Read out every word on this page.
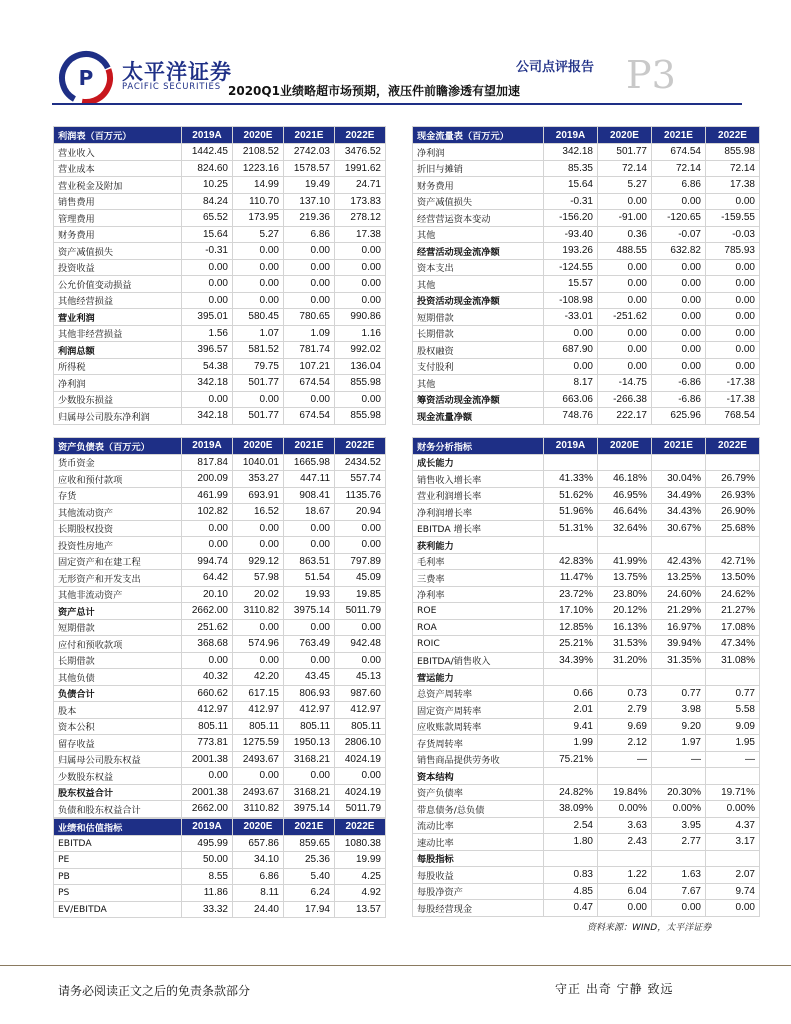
P 太平洋证券
PACIFIC SECURITIES
公司点评报告
2020Q1业绩略超市场预期，液压件前瞻渗透有望加速	P3
利润表（百万元）	2019A	2020E	2021E	2022E
营业收入	1442.45	2108.52	2742.03	3476.52
营业成本	824.60	1223.16	1578.57	1991.62
营业税金及附加	10.25	14.99	19.49	24.71
销售费用	84.24	110.70	137.10	173.83
管理费用	65.52	173.95	219.36	278.12
财务费用	15.64	5.27	6.86	17.38
资产减值损失	-0.31	0.00	0.00	0.00
投资收益	0.00	0.00	0.00	0.00
公允价值变动损益	0.00	0.00	0.00	0.00
其他经营损益	0.00	0.00	0.00	0.00
营业利润	395.01	580.45	780.65	990.86
其他非经营损益	1.56	1.07	1.09	1.16
利润总额	396.57	581.52	781.74	992.02
所得税	54.38	79.75	107.21	136.04
净利润	342.18	501.77	674.54	855.98
少数股东损益	0.00	0.00	0.00	0.00
归属母公司股东净利润	342.18	501.77	674.54	855.98
资产负债表（百万元）	2019A	2020E	2021E	2022E
货币资金	817.84	1040.01	1665.98	2434.52
应收和预付款项	200.09	353.27	447.11	557.74
存货	461.99	693.91	908.41	1135.76
其他流动资产	102.82	16.52	18.67	20.94
长期股权投资	0.00	0.00	0.00	0.00
投资性房地产	0.00	0.00	0.00	0.00
固定资产和在建工程	994.74	929.12	863.51	797.89
无形资产和开发支出	64.42	57.98	51.54	45.09
其他非流动资产	20.10	20.02	19.93	19.85
资产总计	2662.00	3110.82	3975.14	5011.79
短期借款	251.62	0.00	0.00	0.00
应付和预收款项	368.68	574.96	763.49	942.48
长期借款	0.00	0.00	0.00	0.00
其他负债	40.32	42.20	43.45	45.13
负债合计	660.62	617.15	806.93	987.60
股本	412.97	412.97	412.97	412.97
资本公积	805.11	805.11	805.11	805.11
留存收益	773.81	1275.59	1950.13	2806.10
归属母公司股东权益	2001.38	2493.67	3168.21	4024.19
少数股东权益	0.00	0.00	0.00	0.00
股东权益合计	2001.38	2493.67	3168.21	4024.19
负债和股东权益合计	2662.00	3110.82	3975.14	5011.79
业绩和估值指标	2019A	2020E	2021E	2022E
EBITDA	495.99	657.86	859.65	1080.38
PE	50.00	34.10	25.36	19.99
PB	8.55	6.86	5.40	4.25
PS	11.86	8.11	6.24	4.92
EV/EBITDA	33.32	24.40	17.94	13.57
现金流量表（百万元）	2019A	2020E	2021E	2022E
净利润	342.18	501.77	674.54	855.98
折旧与摊销	85.35	72.14	72.14	72.14
财务费用	15.64	5.27	6.86	17.38
资产减值损失	-0.31	0.00	0.00	0.00
经营营运资本变动	-156.20	-91.00	-120.65	-159.55
其他	-93.40	0.36	-0.07	-0.03
经营活动现金流净额	193.26	488.55	632.82	785.93
资本支出	-124.55	0.00	0.00	0.00
其他	15.57	0.00	0.00	0.00
投资活动现金流净额	-108.98	0.00	0.00	0.00
短期借款	-33.01	-251.62	0.00	0.00
长期借款	0.00	0.00	0.00	0.00
股权融资	687.90	0.00	0.00	0.00
支付股利	0.00	0.00	0.00	0.00
其他	8.17	-14.75	-6.86	-17.38
筹资活动现金流净额	663.06	-266.38	-6.86	-17.38
现金流量净额	748.76	222.17	625.96	768.54
财务分析指标	2019A	2020E	2021E	2022E
成长能力				
销售收入增长率	41.33%	46.18%	30.04%	26.79%
营业利润增长率	51.62%	46.95%	34.49%	26.93%
净利润增长率	51.96%	46.64%	34.43%	26.90%
EBITDA 增长率	51.31%	32.64%	30.67%	25.68%
获利能力				
毛利率	42.83%	41.99%	42.43%	42.71%
三费率	11.47%	13.75%	13.25%	13.50%
净利率	23.72%	23.80%	24.60%	24.62%
ROE	17.10%	20.12%	21.29%	21.27%
ROA	12.85%	16.13%	16.97%	17.08%
ROIC	25.21%	31.53%	39.94%	47.34%
EBITDA/销售收入	34.39%	31.20%	31.35%	31.08%
营运能力				
总资产周转率	0.66	0.73	0.77	0.77
固定资产周转率	2.01	2.79	3.98	5.58
应收账款周转率	9.41	9.69	9.20	9.09
存货周转率	1.99	2.12	1.97	1.95
销售商品提供劳务收	75.21%	—	—	—
资本结构				
资产负债率	24.82%	19.84%	20.30%	19.71%
带息债务/总负债	38.09%	0.00%	0.00%	0.00%
流动比率	2.54	3.63	3.95	4.37
速动比率	1.80	2.43	2.77	3.17
每股指标				
每股收益	0.83	1.22	1.63	2.07
每股净资产	4.85	6.04	7.67	9.74
每股经营现金	0.47	0.00	0.00	0.00
资料来源：WIND，太平洋证券
请务必阅读正文之后的免责条款部分	守正 出奇 宁静 致远
